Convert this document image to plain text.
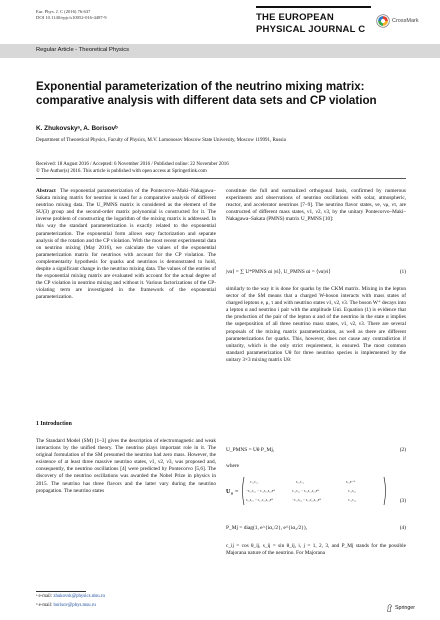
Eur. Phys. J. C (2016) 76:637
DOI 10.1140/epjc/s10052-016-4487-9	THE EUROPEAN
PHYSICAL JOURNAL C
CrossMark
Regular Article - Theoretical Physics
Exponential parameterization of the neutrino mixing matrix: comparative analysis with different data sets and CP violation
K. Zhukovskyᵃ, A. Borisovᵇ
Department of Theoretical Physics, Faculty of Physics, M.V. Lomonosov Moscow State University, Moscow 119991, Russia
Received: 18 August 2016 / Accepted: 6 November 2016 / Published online: 22 November 2016
© The Author(s) 2016. This article is published with open access at Springerlink.com

Abstract The exponential parameterization of the Pontecorvo–Maki–Nakagawa–Sakata mixing matrix for neutrino is used for a comparative analysis of different neutrino mixing data. The U_PMNS matrix is considered as the element of the SU(3) group and the second-order matrix polynomial is constructed for it. The inverse problem of constructing the logarithm of the mixing matrix is addressed. In this way the standard parameterization is exactly related to the exponential parameterization. The exponential form allows easy factorization and separate analysis of the rotation and the CP violation. With the most recent experimental data on neutrino mixing (May 2016), we calculate the values of the exponential parameterization matrix for neutrinos with account for the CP violation. The complementarity hypothesis for quarks and neutrinos is demonstrated to hold, despite a significant change in the neutrino mixing data. The values of the entries of the exponential mixing matrix are evaluated with account for the actual degree of the CP violation in neutrino mixing and without it. Various factorizations of the CP-violating term are investigated in the framework of the exponential parameterization.

1 Introduction
The Standard Model (SM) [1–3] gives the description of electromagnetic and weak interactions by the unified theory. The neutrino plays important role in it. The original formulation of the SM presumed the neutrino had zero mass. However, the existence of at least three massive neutrino states, ν1, ν2, ν3, was proposed and, consequently, the neutrino oscillations [4] were predicted by Pontecorvo [5,6]. The discovery of the neutrino oscillations was awarded the Nobel Prize in physics in 2015. The neutrino has three flavors and the latter vary during the neutrino propagation. The neutrino states
ᵃ e-mail: zhukovsk@physics.msu.ru
ᵇ e-mail: borisov@phys.msu.ru

constitute the full and normalized orthogonal basis, confirmed by numerous experiments and observations of neutrino oscillations with solar, atmospheric, reactor, and accelerator neutrinos [7–9]. The neutrino flavor states, νe, νμ, ντ, are constructed of different mass states, ν1, ν2, ν3, by the unitary Pontecorvo–Maki–Nakagawa–Sakata (PMNS) matrix U_PMNS [10]:

|να⟩ = ∑ U*PMNS αi |νi⟩, U_PMNS αi = ⟨να|νi⟩	(1)

similarly to the way it is done for quarks by the CKM matrix. Mixing in the lepton sector of the SM means that a charged W-boson interacts with mass states of charged leptons e, μ, τ and with neutrino states ν1, ν2, ν3. The boson W⁺ decays into a lepton α and neutrino i pair with the amplitude Uαi. Equation (1) is evidence that the production of the pair of the lepton α and of the neutrino in the state α implies the superposition of all three neutrino mass states, ν1, ν2, ν3. There are several proposals of the mixing matrix parameterization, as well as there are different parameterizations for quarks. This, however, does not cause any contradiction if unitarity, which is the only strict requirement, is ensured. The most common standard parameterization Uθ for three neutrino species is implemented by the unitary 3×3 mixing matrix Uθ:

U_PMNS = Uθ P_Mj,	(2)
where
U θ =
c₁₂c₁₃	s₁₂c₁₃	s₁₃e⁻ⁱᵟ
−s₁₂c₂₃ − c₁₂s₁₃s₂₃eⁱᵟ	c₁₂c₂₃ − s₁₂s₁₃s₂₃eⁱᵟ	c₁₃s₂₃
s₁₂s₂₃ − c₁₂c₂₃s₁₃eⁱᵟ	−c₁₂s₂₃ − s₁₂c₂₃s₁₃eⁱᵟ	c₁₃c₂₃	(3)
P_Mj = diag(1, e^{iα₁/2}, e^{iα₂/2}),	(4)

c_ij = cos θ_ij, s_ij = sin θ_ij, i, j = 1, 2, 3, and P_Mj stands for the possible Majorana nature of the neutrino. For Majorana

Springer
